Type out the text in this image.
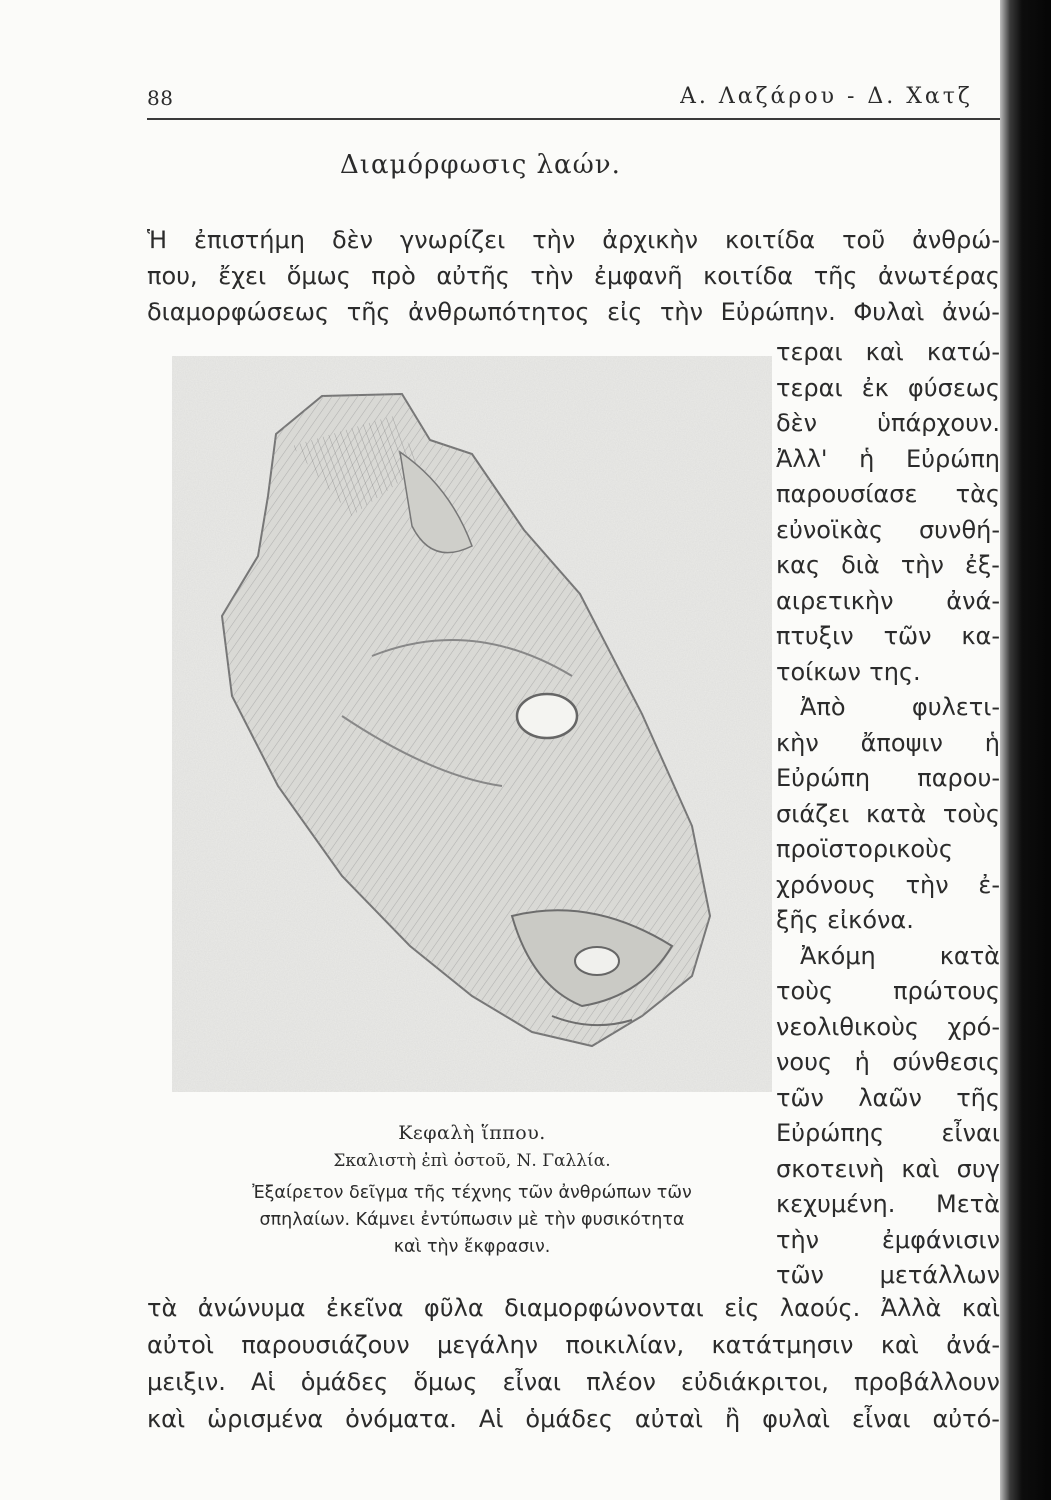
88	Α. Λαζάρου - Δ. Χατζ
Διαμόρφωσις λαών.
Ἡ ἐπιστήμη δὲν γνωρίζει τὴν ἀρχικὴν κοιτίδα τοῦ ἀνθρώ-
που, ἔχει ὅμως πρὸ αὐτῆς τὴν ἐμφανῆ κοιτίδα τῆς ἀνωτέρας
διαμορφώσεως τῆς ἀνθρωπότητος εἰς τὴν Εὐρώπην. Φυλαὶ ἀνώ-
τεραι καὶ κατώ-
τεραι ἐκ φύσεως
δὲν	ὑπάρχουν.
Ἀλλ' ἡ Εὐρώπη
παρουσίασε τὰς
εὐνοϊκὰς συνθή-
κας διὰ τὴν ἐξ-
αιρετικὴν ἀνά-
πτυξιν τῶν κα-
τοίκων της.
Ἀπὸ	φυλετι-
κὴν ἄποψιν ἡ
Εὐρώπη παρου-
σιάζει κατὰ τοὺς
προϊστορικοὺς
χρόνους τὴν ἐ-
ξῆς εἰκόνα.
Ἀκόμη	κατὰ
τοὺς	πρώτους
νεολιθικοὺς χρό-
νους ἡ σύνθεσις
τῶν λαῶν τῆς
Εὐρώπης εἶναι
σκοτεινὴ καὶ συγ
κεχυμένη. Μετὰ
τὴν	ἐμφάνισιν
τῶν μετάλλων
Κεφαλὴ ἵππου.
Σκαλιστὴ ἐπὶ ὀστοῦ, Ν. Γαλλία.
Ἐξαίρετον δεῖγμα τῆς τέχνης τῶν ἀνθρώπων τῶν
σπηλαίων. Κάμνει ἐντύπωσιν μὲ τὴν φυσικότητα
καὶ τὴν ἔκφρασιν.
τὰ ἀνώνυμα ἐκεῖνα φῦλα διαμορφώνονται εἰς λαούς. Ἀλλὰ καὶ
αὐτοὶ παρουσιάζουν μεγάλην ποικιλίαν, κατάτμησιν καὶ ἀνά-
μειξιν. Αἱ ὁμάδες ὅμως εἶναι πλέον εὐδιάκριτοι, προβάλλουν
καὶ ὡρισμένα ὀνόματα. Αἱ ὁμάδες αὐταὶ ἢ φυλαὶ εἶναι αὐτό-
